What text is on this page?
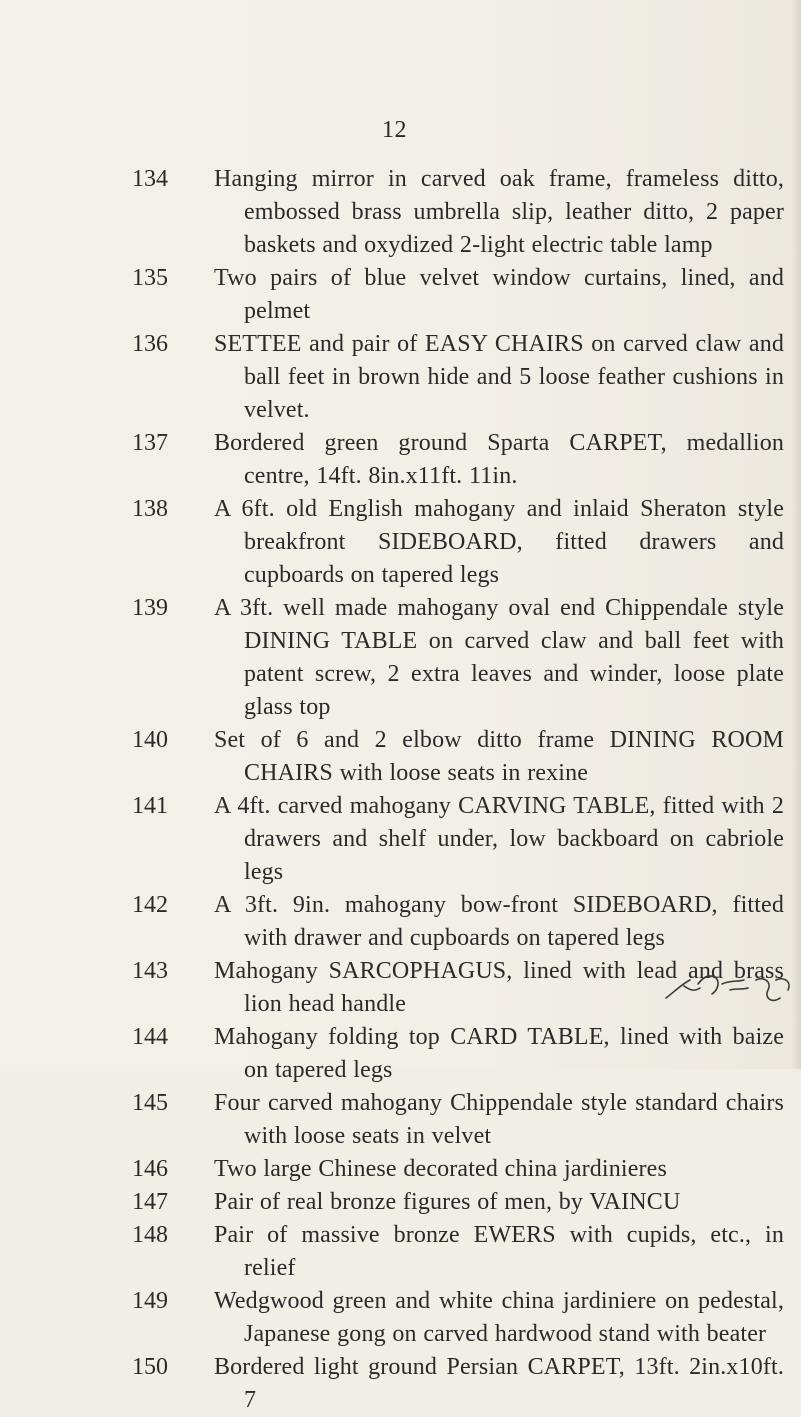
12
134	Hanging mirror in carved oak frame, frameless ditto, embossed brass umbrella slip, leather ditto, 2 paper baskets and oxydized 2-light electric table lamp
135	Two pairs of blue velvet window curtains, lined, and pelmet
136	SETTEE and pair of EASY CHAIRS on carved claw and ball feet in brown hide and 5 loose feather cushions in velvet.
137	Bordered green ground Sparta CARPET, medallion centre, 14ft. 8in.x11ft. 11in.
138	A 6ft. old English mahogany and inlaid Sheraton style breakfront SIDEBOARD, fitted drawers and cupboards on tapered legs
139	A 3ft. well made mahogany oval end Chippendale style DINING TABLE on carved claw and ball feet with patent screw, 2 extra leaves and winder, loose plate glass top
140	Set of 6 and 2 elbow ditto frame DINING ROOM CHAIRS with loose seats in rexine
141	A 4ft. carved mahogany CARVING TABLE, fitted with 2 drawers and shelf under, low backboard on cabriole legs
142	A 3ft. 9in. mahogany bow-front SIDEBOARD, fitted with drawer and cupboards on tapered legs
143	Mahogany SARCOPHAGUS, lined with lead and brass lion head handle
144	Mahogany folding top CARD TABLE, lined with baize on tapered legs
145	Four carved mahogany Chippendale style standard chairs with loose seats in velvet
146	Two large Chinese decorated china jardinieres
147	Pair of real bronze figures of men, by VAINCU
148	Pair of massive bronze EWERS with cupids, etc., in relief
149	Wedgwood green and white china jardiniere on pedestal, Japanese gong on carved hardwood stand with beater
150	Bordered light ground Persian CARPET, 13ft. 2in.x10ft. 7
